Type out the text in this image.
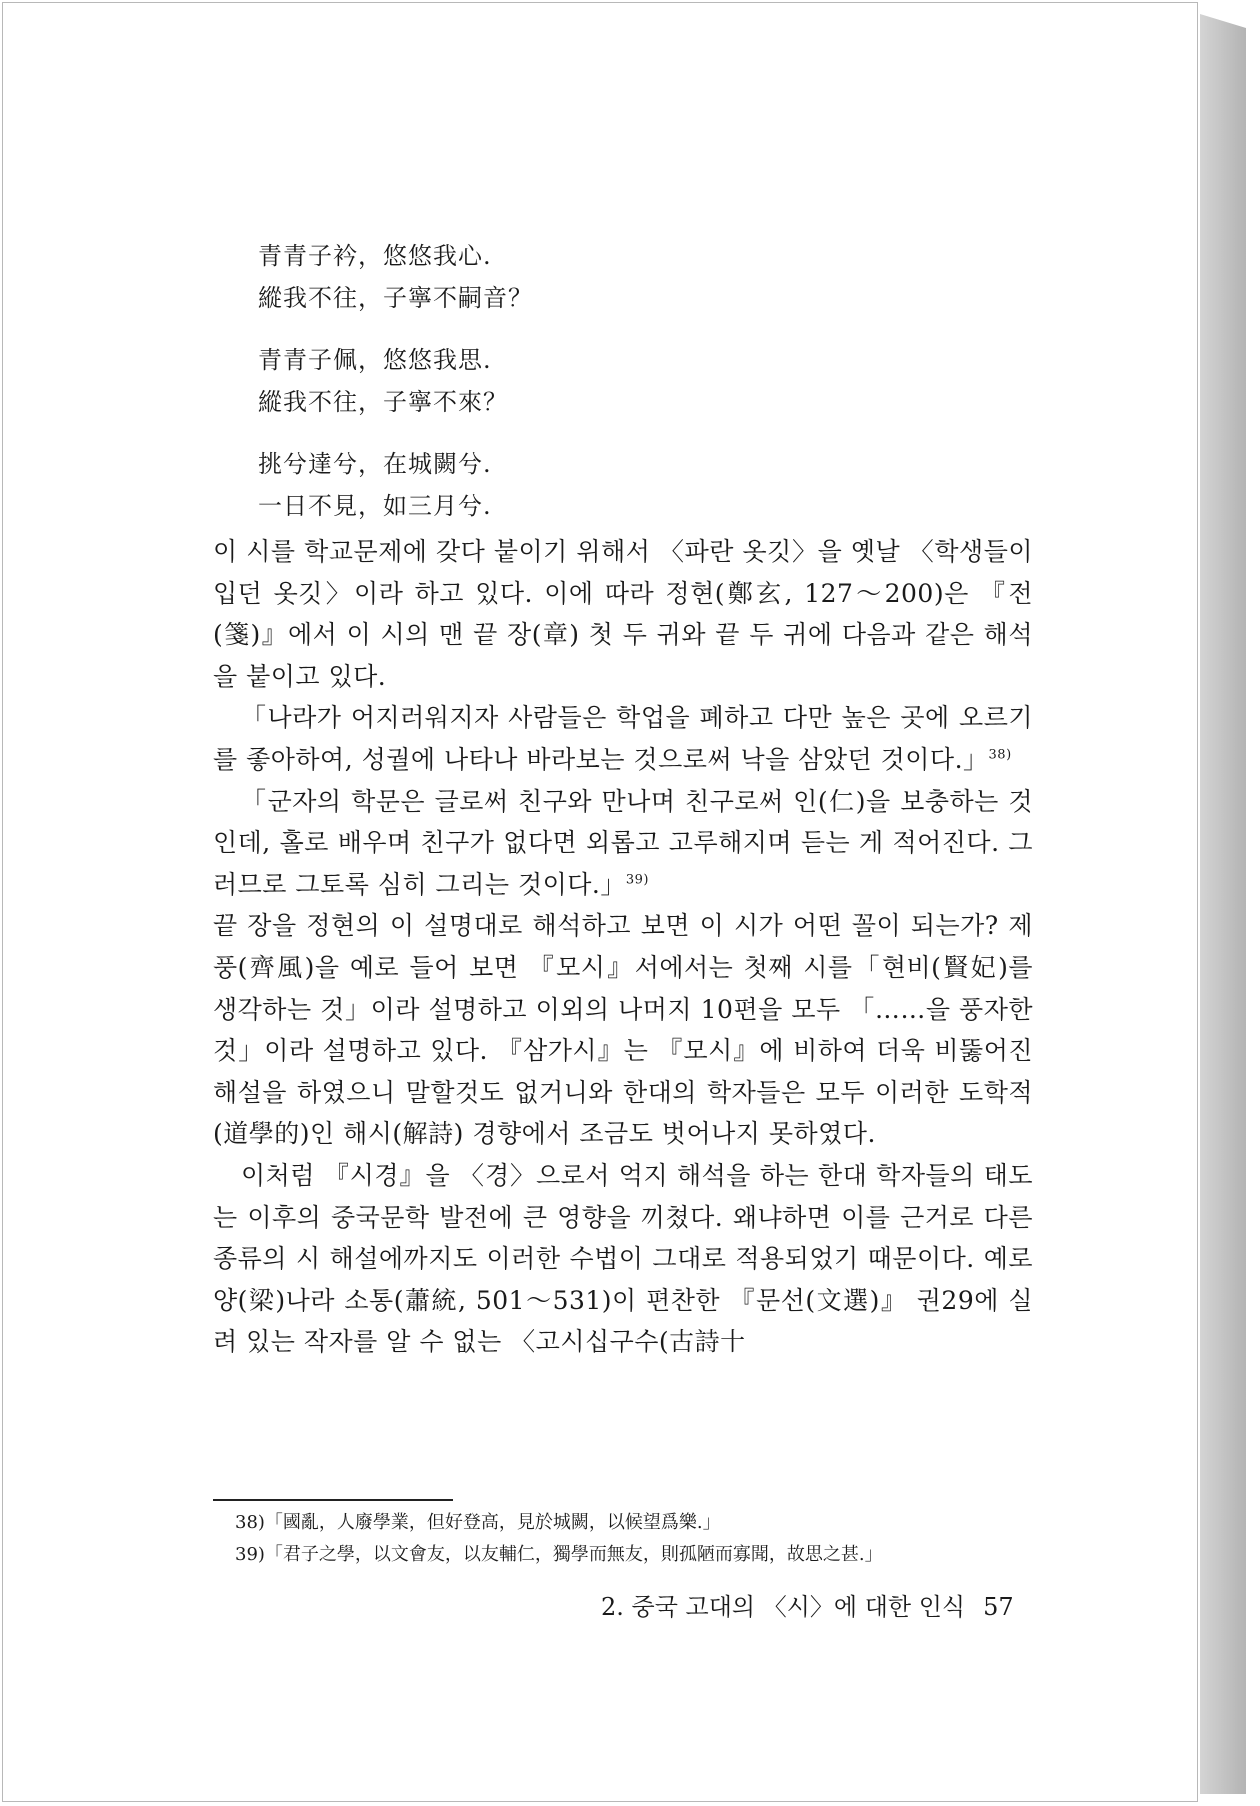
青青子衿，悠悠我心.
縱我不往，子寧不嗣音？
青青子佩，悠悠我思.
縱我不往，子寧不來？
挑兮達兮，在城闕兮.
一日不見，如三月兮.

이 시를 학교문제에 갖다 붙이기 위해서 〈파란 옷깃〉을 옛날 〈학생들이 입던 옷깃〉이라 하고 있다. 이에 따라 정현(鄭玄, 127～200)은 『전(箋)』에서 이 시의 맨 끝 장(章) 첫 두 귀와 끝 두 귀에 다음과 같은 해석을 붙이고 있다.

「나라가 어지러워지자 사람들은 학업을 폐하고 다만 높은 곳에 오르기를 좋아하여, 성궐에 나타나 바라보는 것으로써 낙을 삼았던 것이다.」$^{38)}$

「군자의 학문은 글로써 친구와 만나며 친구로써 인(仁)을 보충하는 것인데, 홀로 배우며 친구가 없다면 외롭고 고루해지며 듣는 게 적어진다. 그러므로 그토록 심히 그리는 것이다.」$^{39)}$

끝 장을 정현의 이 설명대로 해석하고 보면 이 시가 어떤 꼴이 되는가? 제풍(齊風)을 예로 들어 보면 『모시』서에서는 첫째 시를「현비(賢妃)를 생각하는 것」이라 설명하고 이외의 나머지 10편을 모두 「……을 풍자한 것」이라 설명하고 있다. 『삼가시』는 『모시』에 비하여 더욱 비뚫어진 해설을 하였으니 말할것도 없거니와 한대의 학자들은 모두 이러한 도학적(道學的)인 해시(解詩) 경향에서 조금도 벗어나지 못하였다.

이처럼 『시경』을 〈경〉으로서 억지 해석을 하는 한대 학자들의 태도는 이후의 중국문학 발전에 큰 영향을 끼쳤다. 왜냐하면 이를 근거로 다른 종류의 시 해설에까지도 이러한 수법이 그대로 적용되었기 때문이다. 예로 양(梁)나라 소통(蕭統, 501～531)이 편찬한 『문선(文選)』 권29에 실려 있는 작자를 알 수 없는 〈고시십구수(古詩十

38)「國亂，人廢學業，但好登高，見於城闕，以候望爲樂.」
39)「君子之學，以文會友，以友輔仁，獨學而無友，則孤陋而寡聞，故思之甚.」
2. 중국 고대의 〈시〉에 대한 인식 57
